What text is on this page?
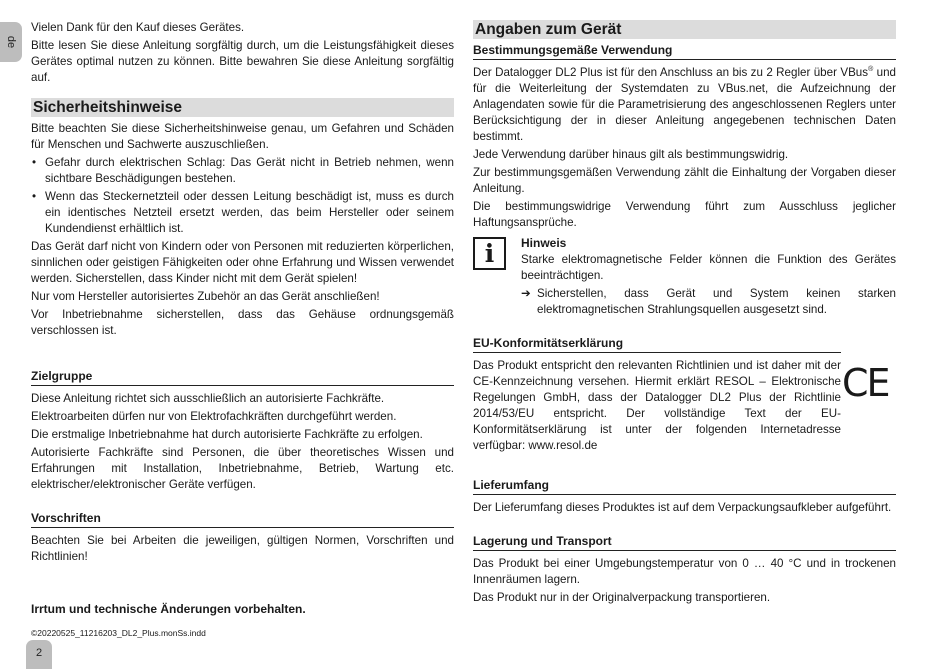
de
2

Vielen Dank für den Kauf dieses Gerätes.

Bitte lesen Sie diese Anleitung sorgfältig durch, um die Leistungsfähigkeit dieses Gerätes optimal nutzen zu können. Bitte bewahren Sie diese Anleitung sorgfältig auf.

Sicherheitshinweise

Bitte beachten Sie diese Sicherheitshinweise genau, um Gefahren und Schäden für Menschen und Sachwerte auszuschließen.

• Gefahr durch elektrischen Schlag: Das Gerät nicht in Betrieb nehmen, wenn sichtbare Beschädigungen bestehen.
• Wenn das Steckernetzteil oder dessen Leitung beschädigt ist, muss es durch ein identisches Netzteil ersetzt werden, das beim Hersteller oder seinem Kundendienst erhältlich ist.

Das Gerät darf nicht von Kindern oder von Personen mit reduzierten körperlichen, sinnlichen oder geistigen Fähigkeiten oder ohne Erfahrung und Wissen verwendet werden. Sicherstellen, dass Kinder nicht mit dem Gerät spielen!

Nur vom Hersteller autorisiertes Zubehör an das Gerät anschließen!

Vor Inbetriebnahme sicherstellen, dass das Gehäuse ordnungsgemäß verschlossen ist.

Zielgruppe

Diese Anleitung richtet sich ausschließlich an autorisierte Fachkräfte.

Elektroarbeiten dürfen nur von Elektrofachkräften durchgeführt werden.

Die erstmalige Inbetriebnahme hat durch autorisierte Fachkräfte zu erfolgen.

Autorisierte Fachkräfte sind Personen, die über theoretisches Wissen und Erfahrungen mit Installation, Inbetriebnahme, Betrieb, Wartung etc. elektrischer/elektronischer Geräte verfügen.

Vorschriften

Beachten Sie bei Arbeiten die jeweiligen, gültigen Normen, Vorschriften und Richtlinien!

Irrtum und technische Änderungen vorbehalten.
©20220525_11216203_DL2_Plus.monSs.indd
Angaben zum Gerät
Bestimmungsgemäße Verwendung

Der Datalogger DL2 Plus ist für den Anschluss an bis zu 2 Regler über VBus® und für die Weiterleitung der Systemdaten zu VBus.net, die Aufzeichnung der Anlagendaten sowie für die Parametrisierung des angeschlossenen Reglers unter Berücksichtigung der in dieser Anleitung angegebenen technischen Daten bestimmt.

Jede Verwendung darüber hinaus gilt als bestimmungswidrig.

Zur bestimmungsgemäßen Verwendung zählt die Einhaltung der Vorgaben dieser Anleitung.

Die bestimmungswidrige Verwendung führt zum Ausschluss jeglicher Haftungsansprüche.

i	Hinweis

Starke elektromagnetische Felder können die Funktion des Gerätes beeinträchtigen.

➔ Sicherstellen, dass Gerät und System keinen starken elektromagnetischen Strahlungsquellen ausgesetzt sind.
EU-Konformitätserklärung

Das Produkt entspricht den relevanten Richtlinien und ist daher mit der CE-Kennzeichnung versehen. Hiermit erklärt RESOL – Elektronische Regelungen GmbH, dass der Datalogger DL2 Plus der Richtlinie 2014/53/EU entspricht. Der vollständige Text der EU-Konformitätserklärung ist unter der folgenden Internetadresse verfügbar: www.resol.de

CE
Lieferumfang

Der Lieferumfang dieses Produktes ist auf dem Verpackungsaufkleber aufgeführt.

Lagerung und Transport

Das Produkt bei einer Umgebungstemperatur von 0 … 40 °C und in trockenen Innenräumen lagern.

Das Produkt nur in der Originalverpackung transportieren.
